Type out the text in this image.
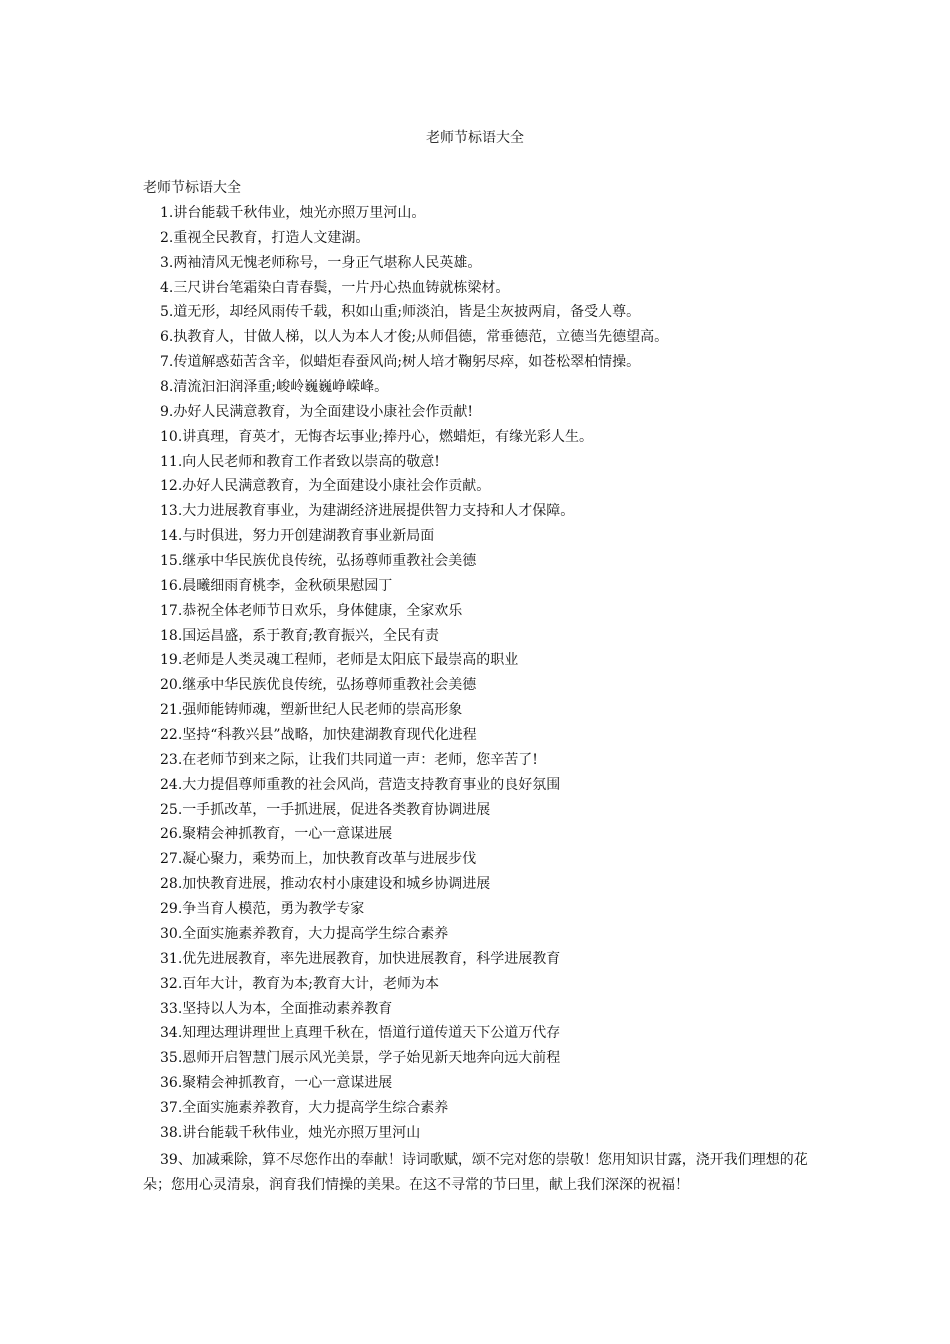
老师节标语大全
老师节标语大全
1.讲台能载千秋伟业，烛光亦照万里河山。
2.重视全民教育，打造人文建湖。
3.两袖清风无愧老师称号，一身正气堪称人民英雄。
4.三尺讲台笔霜染白青春鬓，一片丹心热血铸就栋梁材。
5.道无形，却经风雨传千载，积如山重;师淡泊，皆是尘灰披两肩，备受人尊。
6.执教育人，甘做人梯，以人为本人才俊;从师倡德，常垂德范，立德当先德望高。
7.传道解惑茹苦含辛，似蜡炬春蚕风尚;树人培才鞠躬尽瘁，如苍松翠柏情操。
8.清流汩汩润泽重;峻岭巍巍峥嵘峰。
9.办好人民满意教育，为全面建设小康社会作贡献!
10.讲真理，育英才，无悔杏坛事业;捧丹心，燃蜡炬，有缘光彩人生。
11.向人民老师和教育工作者致以崇高的敬意!
12.办好人民满意教育，为全面建设小康社会作贡献。
13.大力进展教育事业，为建湖经济进展提供智力支持和人才保障。
14.与时俱进，努力开创建湖教育事业新局面
15.继承中华民族优良传统，弘扬尊师重教社会美德
16.晨曦细雨育桃李，金秋硕果慰园丁
17.恭祝全体老师节日欢乐，身体健康，全家欢乐
18.国运昌盛，系于教育;教育振兴，全民有责
19.老师是人类灵魂工程师，老师是太阳底下最崇高的职业
20.继承中华民族优良传统，弘扬尊师重教社会美德
21.强师能铸师魂，塑新世纪人民老师的崇高形象
22.坚持“科教兴县”战略，加快建湖教育现代化进程
23.在老师节到来之际，让我们共同道一声：老师，您辛苦了!
24.大力提倡尊师重教的社会风尚，营造支持教育事业的良好氛围
25.一手抓改革，一手抓进展，促进各类教育协调进展
26.聚精会神抓教育，一心一意谋进展
27.凝心聚力，乘势而上，加快教育改革与进展步伐
28.加快教育进展，推动农村小康建设和城乡协调进展
29.争当育人模范，勇为教学专家
30.全面实施素养教育，大力提高学生综合素养
31.优先进展教育，率先进展教育，加快进展教育，科学进展教育
32.百年大计，教育为本;教育大计，老师为本
33.坚持以人为本，全面推动素养教育
34.知理达理讲理世上真理千秋在，悟道行道传道天下公道万代存
35.恩师开启智慧门展示风光美景，学子始见新天地奔向远大前程
36.聚精会神抓教育，一心一意谋进展
37.全面实施素养教育，大力提高学生综合素养
38.讲台能载千秋伟业，烛光亦照万里河山

39、加减乘除，算不尽您作出的奉献！诗词歌赋，颂不完对您的崇敬！您用知识甘露，浇开我们理想的花朵；您用心灵清泉，润育我们情操的美果。在这不寻常的节曰里，献上我们深深的祝福！
